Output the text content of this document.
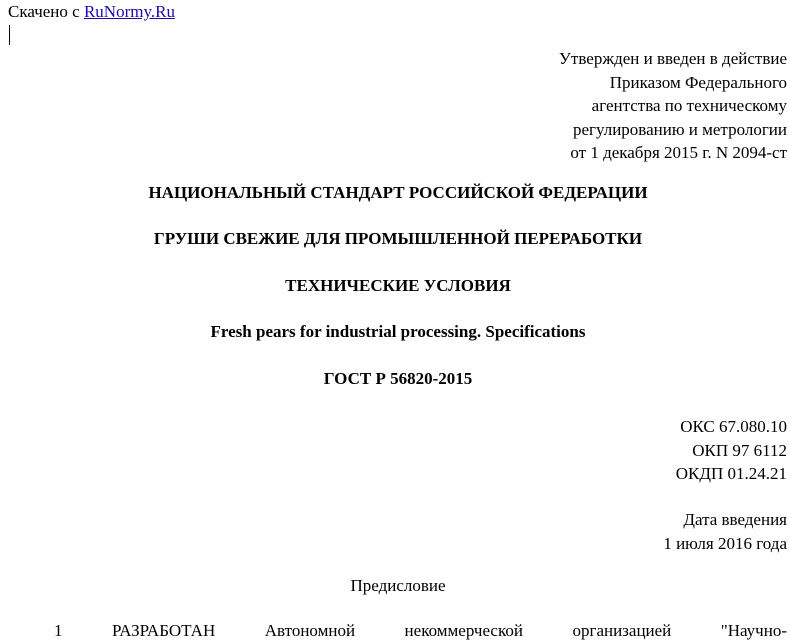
Скачено с RuNormy.Ru
Утвержден и введен в действие
Приказом Федерального
агентства по техническому
регулированию и метрологии
от 1 декабря 2015 г. N 2094-ст
НАЦИОНАЛЬНЫЙ СТАНДАРТ РОССИЙСКОЙ ФЕДЕРАЦИИ
ГРУШИ СВЕЖИЕ ДЛЯ ПРОМЫШЛЕННОЙ ПЕРЕРАБОТКИ
ТЕХНИЧЕСКИЕ УСЛОВИЯ
Fresh pears for industrial processing. Specifications
ГОСТ Р 56820-2015
ОКС 67.080.10
ОКП 97 6112
ОКДП 01.24.21
Дата введения
1 июля 2016 года
Предисловие
1	РАЗРАБОТАН	Автономной	некоммерческой	организацией	"Научно-
